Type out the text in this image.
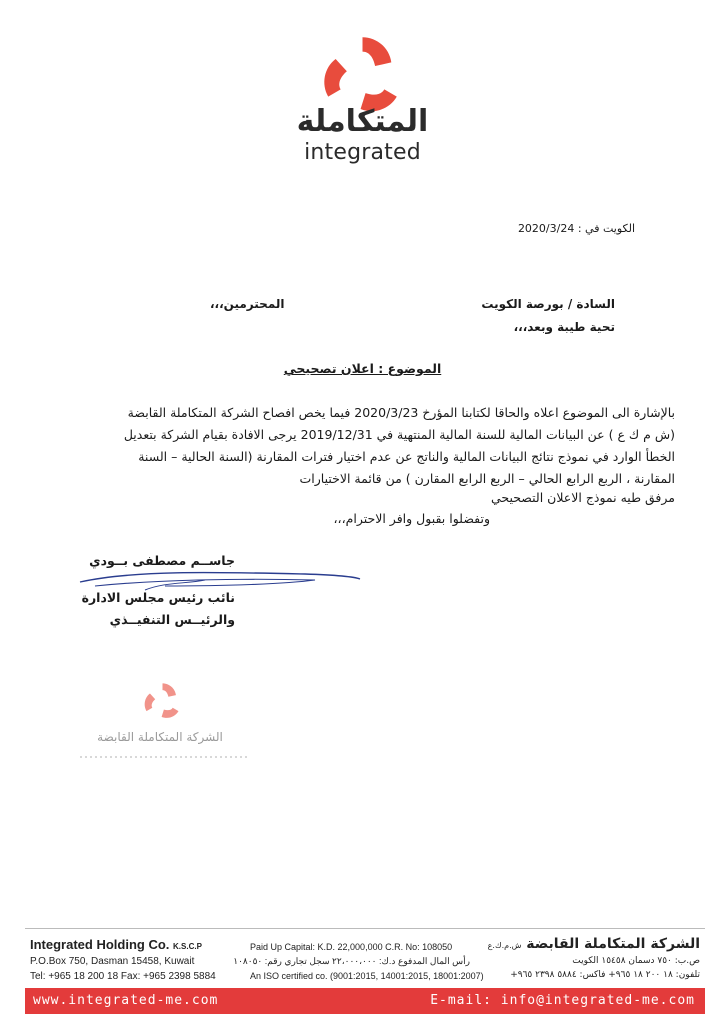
المتكاملة
integrated
الكويت في : 2020/3/24
السادة / بورصة الكويت
المحترمين،،،
تحية طيبة وبعد،،،
الموضوع : اعلان تصحيحي
بالإشارة الى الموضوع اعلاه والحاقا لكتابنا المؤرخ 2020/3/23 فيما يخص افصاح الشركة المتكاملة القابضة
(ش م ك ع ) عن البيانات المالية للسنة المالية المنتهية في 2019/12/31 يرجى الافادة بقيام الشركة بتعديل
الخطأ الوارد في نموذج نتائج البيانات المالية والناتج عن عدم اختيار فترات المقارنة (السنة الحالية – السنة
المقارنة ، الربع الرابع الحالي – الربع الرابع المقارن ) من قائمة الاختيارات
مرفق طيه نموذج الاعلان التصحيحي
وتفضلوا بقبول وافر الاحترام،،،
جاســم مصطفى بــودي
نائب رئيس مجلس الادارة
والرئيــس التنفيــذي
الشركة المتكاملة القابضة
Integrated Holding Co. K.S.C.P
P.O.Box 750, Dasman 15458, Kuwait
Tel: +965 18 200 18 Fax: +965 2398 5884
Paid Up Capital: K.D. 22,000,000 C.R. No: 108050
رأس المال المدفوع د.ك: ٢٢،٠٠٠،٠٠٠ سجل تجاري رقم: ١٠٨٠٥٠
An ISO certified co. (9001:2015, 14001:2015, 18001:2007)
الشركة المتكاملة القابضة ش.م.ك.ع
ص.ب: ٧٥٠ دسمان ١٥٤٥٨ الكويت
تلفون: ١٨ ٢٠٠ ١٨ ٩٦٥+ فاكس: ٥٨٨٤ ٢٣٩٨ ٩٦٥+
www.integrated-me.com	E-mail: info@integrated-me.com
